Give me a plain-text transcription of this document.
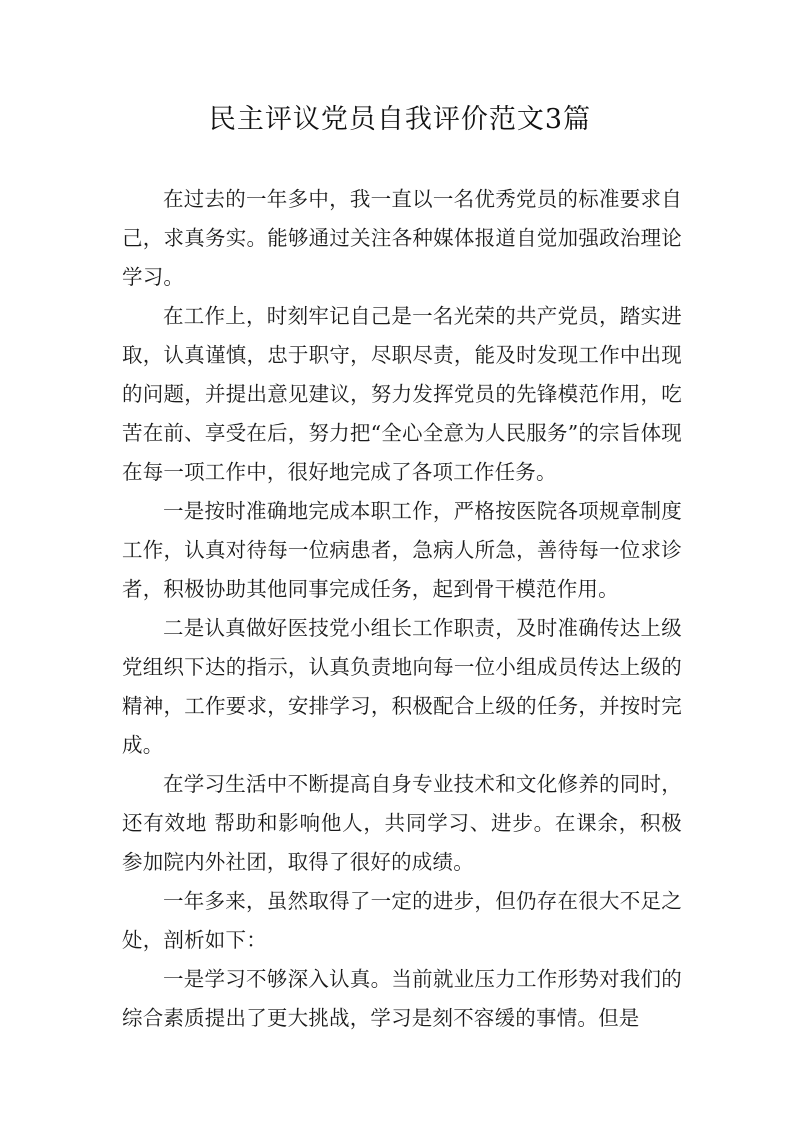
民主评议党员自我评价范文3篇

在过去的一年多中，我一直以一名优秀党员的标准要求自己，求真务实。能够通过关注各种媒体报道自觉加强政治理论学习。

在工作上，时刻牢记自己是一名光荣的共产党员，踏实进取，认真谨慎，忠于职守，尽职尽责，能及时发现工作中出现的问题，并提出意见建议，努力发挥党员的先锋模范作用，吃苦在前、享受在后，努力把“全心全意为人民服务”的宗旨体现在每一项工作中，很好地完成了各项工作任务。

一是按时准确地完成本职工作，严格按医院各项规章制度工作，认真对待每一位病患者，急病人所急，善待每一位求诊者，积极协助其他同事完成任务，起到骨干模范作用。

二是认真做好医技党小组长工作职责，及时准确传达上级党组织下达的指示，认真负责地向每一位小组成员传达上级的精神，工作要求，安排学习，积极配合上级的任务，并按时完成。

在学习生活中不断提高自身专业技术和文化修养的同时，还有效地 帮助和影响他人，共同学习、进步。在课余，积极参加院内外社团，取得了很好的成绩。

一年多来，虽然取得了一定的进步，但仍存在很大不足之处，剖析如下：

一是学习不够深入认真。当前就业压力工作形势对我们的综合素质提出了更大挑战，学习是刻不容缓的事情。但是
